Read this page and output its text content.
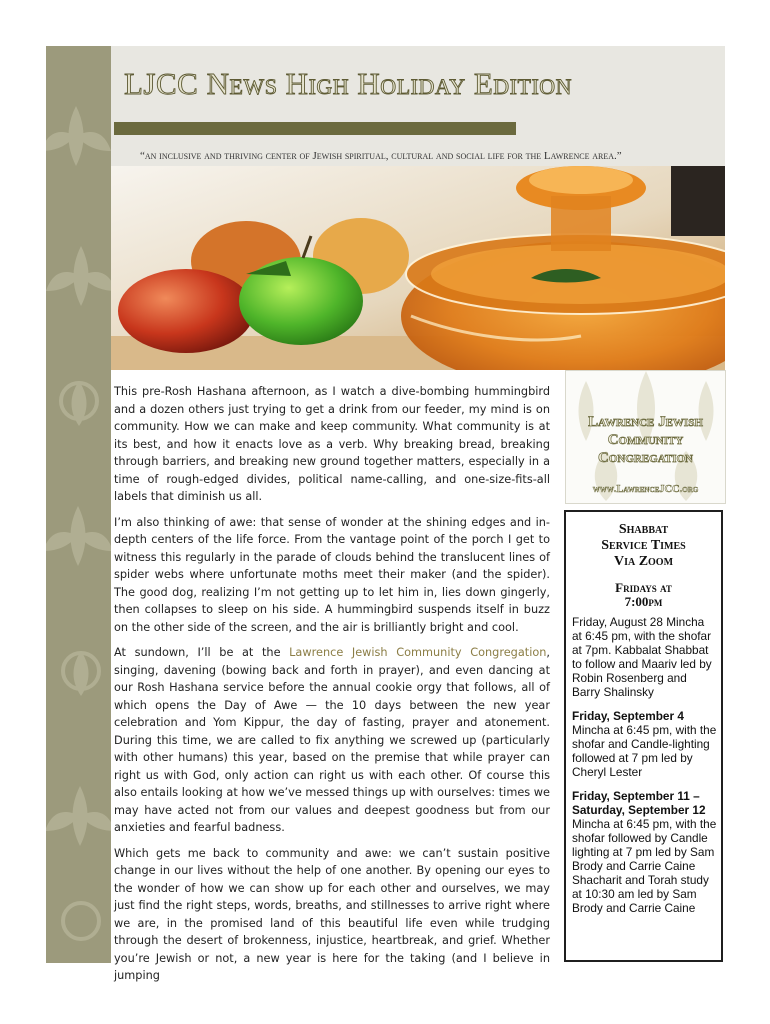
LJCC News High Holiday Edition
“an inclusive and thriving center of Jewish spiritual, cultural and social life for the Lawrence area.”

This pre-Rosh Hashana afternoon, as I watch a dive-bombing hummingbird and a dozen others just trying to get a drink from our feeder, my mind is on community. How we can make and keep community. What community is at its best, and how it enacts love as a verb. Why breaking bread, breaking through barriers, and breaking new ground together matters, especially in a time of rough-edged divides, political name-calling, and one-size-fits-all labels that diminish us all.

I’m also thinking of awe: that sense of wonder at the shining edges and in-depth centers of the life force. From the vantage point of the porch I get to witness this regularly in the parade of clouds behind the translucent lines of spider webs where unfortunate moths meet their maker (and the spider). The good dog, realizing I’m not getting up to let him in, lies down gingerly, then collapses to sleep on his side. A hummingbird suspends itself in buzz on the other side of the screen, and the air is brilliantly bright and cool.

At sundown, I’ll be at the Lawrence Jewish Community Congregation, singing, davening (bowing back and forth in prayer), and even dancing at our Rosh Hashana service before the annual cookie orgy that follows, all of which opens the Day of Awe — the 10 days between the new year celebration and Yom Kippur, the day of fasting, prayer and atonement. During this time, we are called to fix anything we screwed up (particularly with other humans) this year, based on the premise that while prayer can right us with God, only action can right us with each other. Of course this also entails looking at how we’ve messed things up with ourselves: times we may have acted not from our values and deepest goodness but from our anxieties and fearful badness.

Which gets me back to community and awe: we can’t sustain positive change in our lives without the help of one another. By opening our eyes to the wonder of how we can show up for each other and ourselves, we may just find the right steps, words, breaths, and stillnesses to arrive right where we are, in the promised land of this beautiful life even while trudging through the desert of brokenness, injustice, heartbreak, and grief. Whether you’re Jewish or not, a new year is here for the taking (and I believe in jumping

Lawrence Jewish
Community
Congregation
www.LawrenceJCC.org
Shabbat
Service Times
Via Zoom
Fridays at
7:00pm
Friday, August 28 Mincha at 6:45 pm, with the shofar at 7pm. Kabbalat Shabbat to follow and Maariv led by Robin Rosenberg and Barry Shalinsky
Friday, September 4
Mincha at 6:45 pm, with the shofar and Candle-lighting followed at 7 pm led by Cheryl Lester
Friday, September 11 – Saturday, September 12
Mincha at 6:45 pm, with the shofar followed by Candle lighting at 7 pm led by Sam Brody and Carrie Caine Shacharit and Torah study at 10:30 am led by Sam Brody and Carrie Caine
